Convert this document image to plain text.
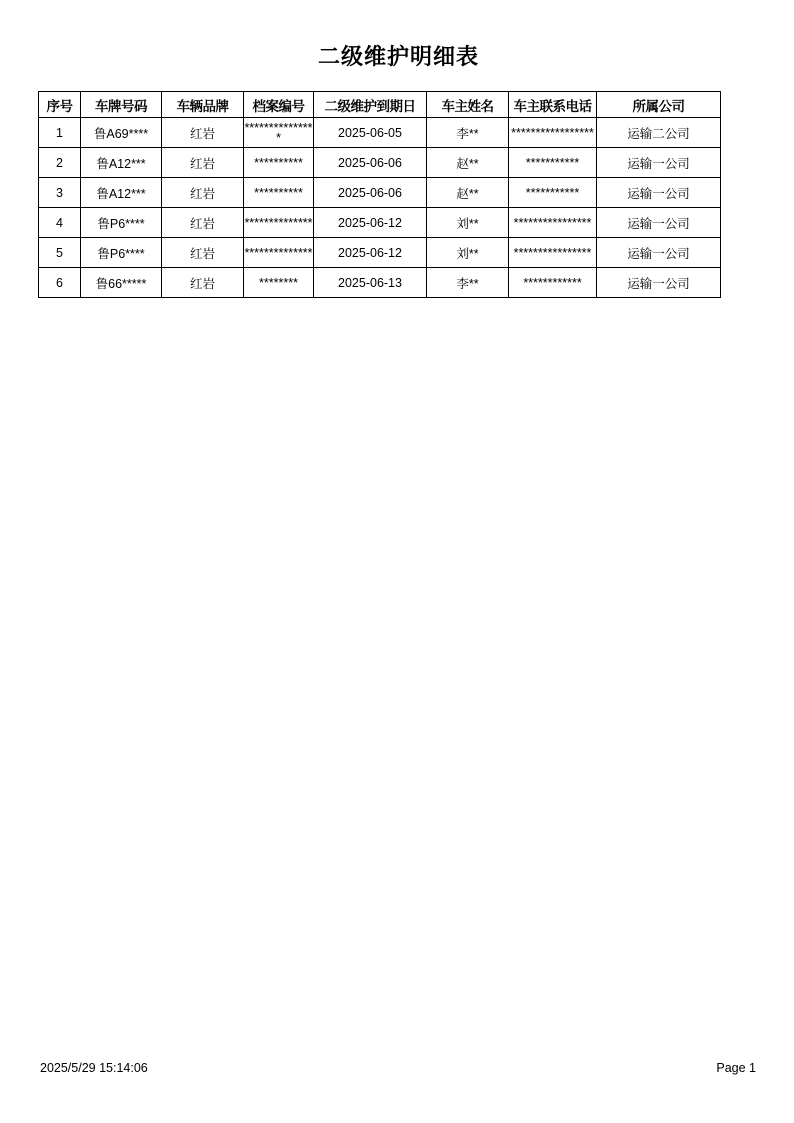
二级维护明细表
序号	车牌号码	车辆品牌	档案编号	二级维护到期日	车主姓名	车主联系电话	所属公司
1	鲁A69****	红岩	***************	2025-06-05	李**	*****************	运输二公司
2	鲁A12***	红岩	**********	2025-06-06	赵**	***********	运输一公司
3	鲁A12***	红岩	**********	2025-06-06	赵**	***********	运输一公司
4	鲁P6****	红岩	**************	2025-06-12	刘**	****************	运输一公司
5	鲁P6****	红岩	**************	2025-06-12	刘**	****************	运输一公司
6	鲁66*****	红岩	********	2025-06-13	李**	************	运输一公司
2025/5/29 15:14:06	Page 1
